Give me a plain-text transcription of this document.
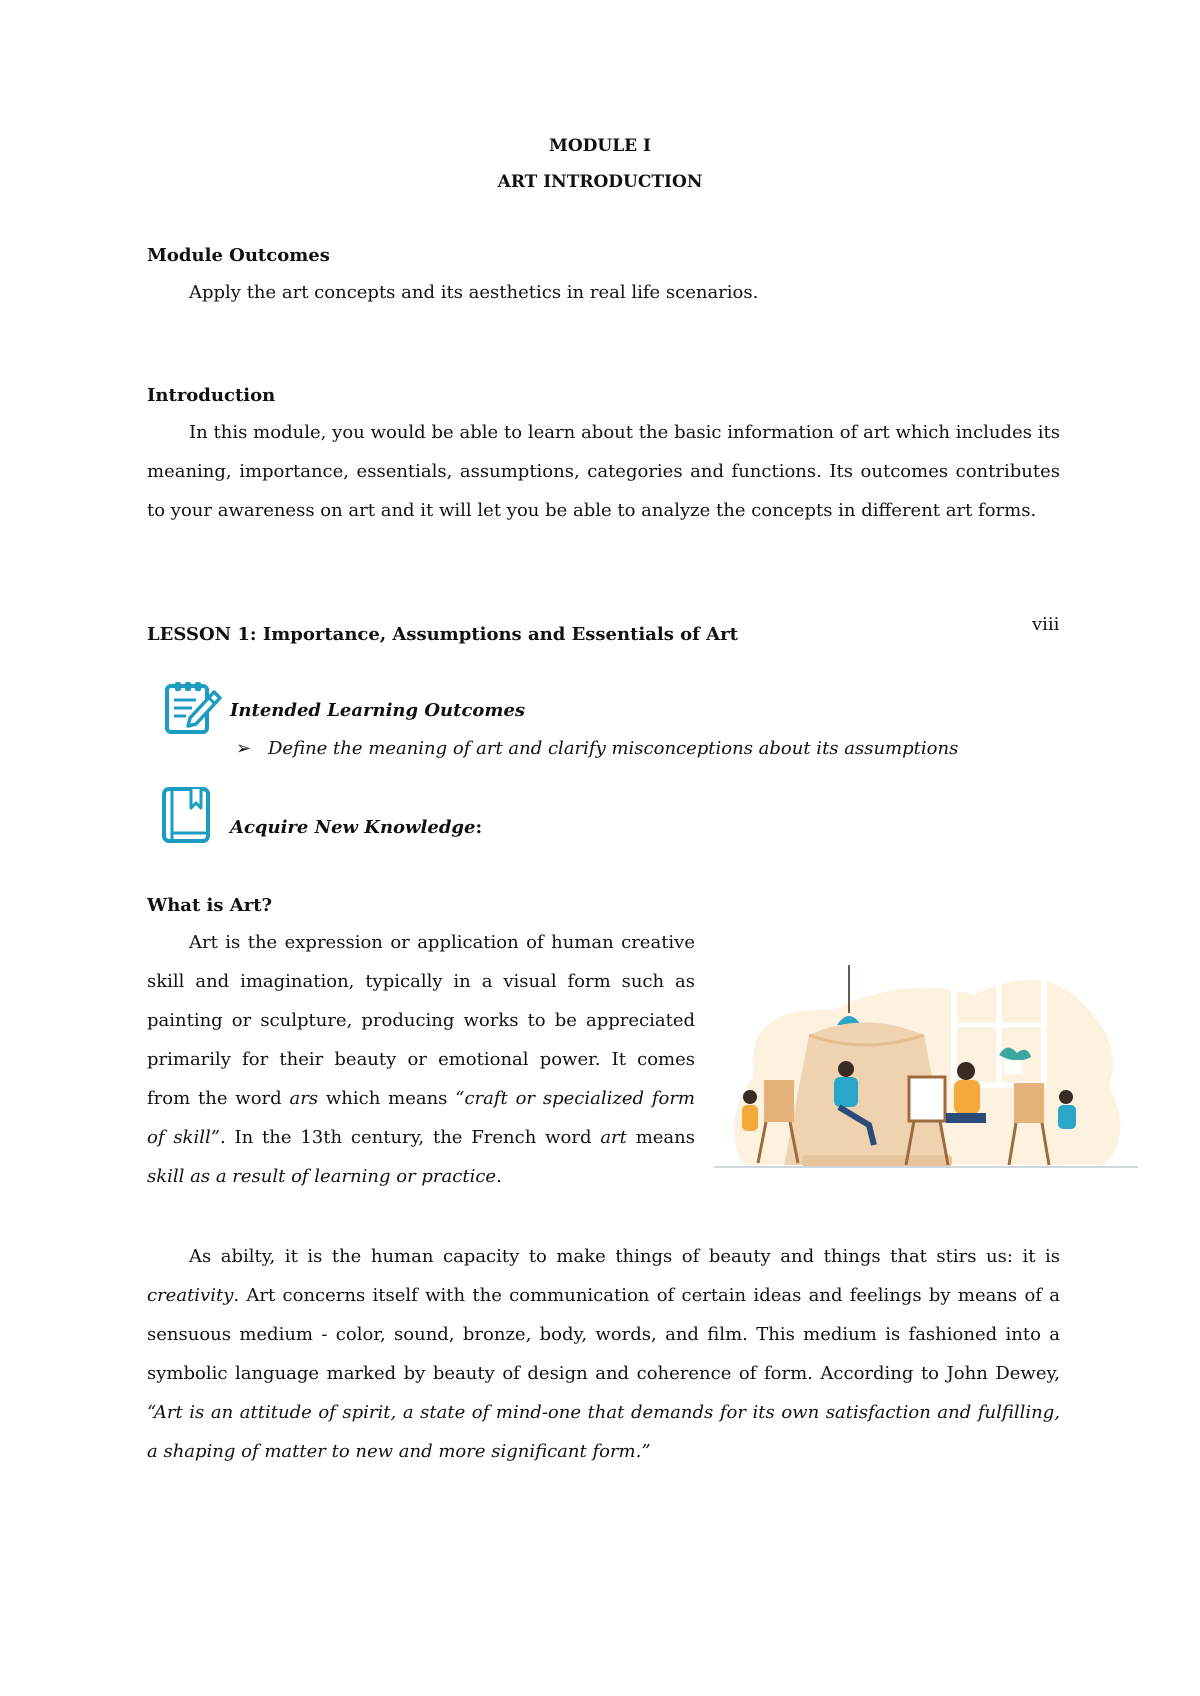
MODULE I

ART INTRODUCTION

Module Outcomes

Apply the art concepts and its aesthetics in real life scenarios.

Introduction

In this module, you would be able to learn about the basic information of art which includes its meaning, importance, essentials, assumptions, categories and functions. Its outcomes contributes to your awareness on art and it will let you be able to analyze the concepts in different art forms.

viii

LESSON 1: Importance, Assumptions and Essentials of Art

Intended Learning Outcomes

➢ Define the meaning of art and clarify misconceptions about its assumptions

Acquire New Knowledge:

What is Art?

Art is the expression or application of human creative skill and imagination, typically in a visual form such as painting or sculpture, producing works to be appreciated primarily for their beauty or emotional power. It comes from the word ars which means “craft or specialized form of skill”. In the 13th century, the French word art means skill as a result of learning or practice.

As abilty, it is the human capacity to make things of beauty and things that stirs us: it is creativity. Art concerns itself with the communication of certain ideas and feelings by means of a sensuous medium - color, sound, bronze, body, words, and film. This medium is fashioned into a symbolic language marked by beauty of design and coherence of form. According to John Dewey, “Art is an attitude of spirit, a state of mind-one that demands for its own satisfaction and fulfilling, a shaping of matter to new and more significant form.”
